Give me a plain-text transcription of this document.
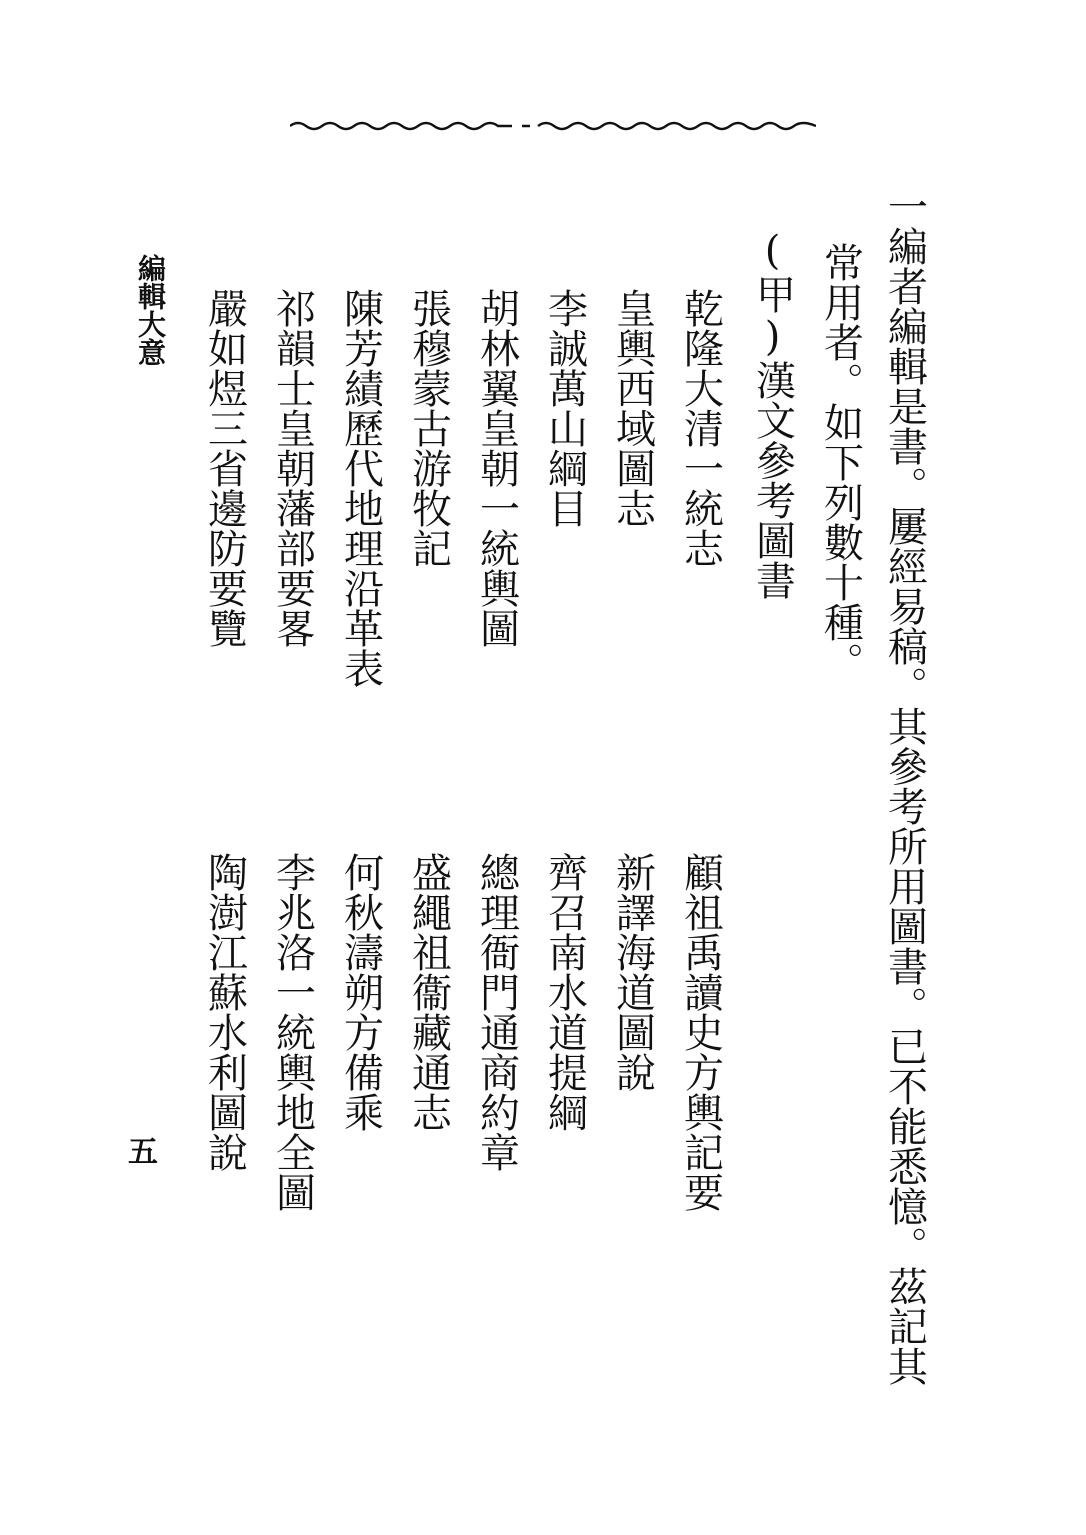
一編者編輯是書。屢經易稿。其參考所用圖書。已不能悉憶。茲記其
常用者。如下列數十種。
(甲)漢文參考圖書
乾隆大清一統志
皇輿西域圖志
李誠萬山綱目
胡林翼皇朝一統輿圖
張穆蒙古游牧記
陳芳績歷代地理沿革表
祁韻士皇朝藩部要畧
嚴如煜三省邊防要覽
顧祖禹讀史方輿記要
新譯海道圖說
齊召南水道提綱
總理衙門通商約章
盛繩祖衞藏通志
何秋濤朔方備乘
李兆洛一統輿地全圖
陶澍江蘇水利圖說
編輯大意
五
